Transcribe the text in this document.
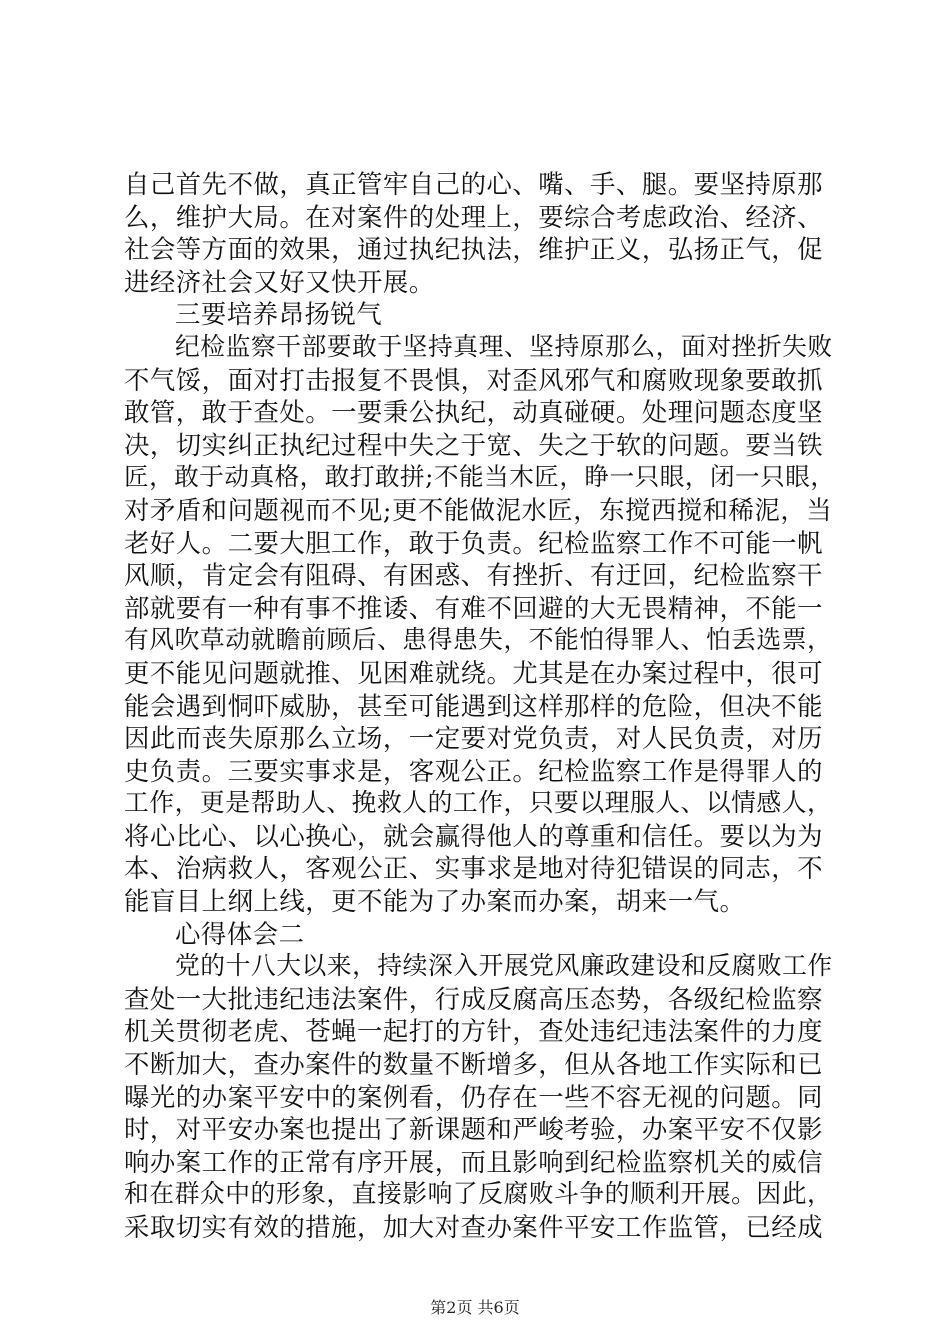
自己首先不做，真正管牢自己的心、嘴、手、腿。要坚持原那
么，维护大局。在对案件的处理上，要综合考虑政治、经济、
社会等方面的效果，通过执纪执法，维护正义，弘扬正气，促
进经济社会又好又快开展。
三要培养昂扬锐气
纪检监察干部要敢于坚持真理、坚持原那么，面对挫折失败
不气馁，面对打击报复不畏惧，对歪风邪气和腐败现象要敢抓
敢管，敢于查处。一要秉公执纪，动真碰硬。处理问题态度坚
决，切实纠正执纪过程中失之于宽、失之于软的问题。要当铁
匠，敢于动真格，敢打敢拼;不能当木匠，睁一只眼，闭一只眼，
对矛盾和问题视而不见;更不能做泥水匠，东搅西搅和稀泥，当
老好人。二要大胆工作，敢于负责。纪检监察工作不可能一帆
风顺，肯定会有阻碍、有困惑、有挫折、有迂回，纪检监察干
部就要有一种有事不推诿、有难不回避的大无畏精神，不能一
有风吹草动就瞻前顾后、患得患失，不能怕得罪人、怕丢选票，
更不能见问题就推、见困难就绕。尤其是在办案过程中，很可
能会遇到恫吓威胁，甚至可能遇到这样那样的危险，但决不能
因此而丧失原那么立场，一定要对党负责，对人民负责，对历
史负责。三要实事求是，客观公正。纪检监察工作是得罪人的
工作，更是帮助人、挽救人的工作，只要以理服人、以情感人，
将心比心、以心换心，就会赢得他人的尊重和信任。要以为为
本、治病救人，客观公正、实事求是地对待犯错误的同志，不
能盲目上纲上线，更不能为了办案而办案，胡来一气。
心得体会二
党的十八大以来，持续深入开展党风廉政建设和反腐败工作
查处一大批违纪违法案件，行成反腐高压态势，各级纪检监察
机关贯彻老虎、苍蝇一起打的方针，查处违纪违法案件的力度
不断加大，查办案件的数量不断增多，但从各地工作实际和已
曝光的办案平安中的案例看，仍存在一些不容无视的问题。同
时，对平安办案也提出了新课题和严峻考验，办案平安不仅影
响办案工作的正常有序开展，而且影响到纪检监察机关的威信
和在群众中的形象，直接影响了反腐败斗争的顺利开展。因此，
采取切实有效的措施，加大对查办案件平安工作监管，已经成
第2页 共6页
